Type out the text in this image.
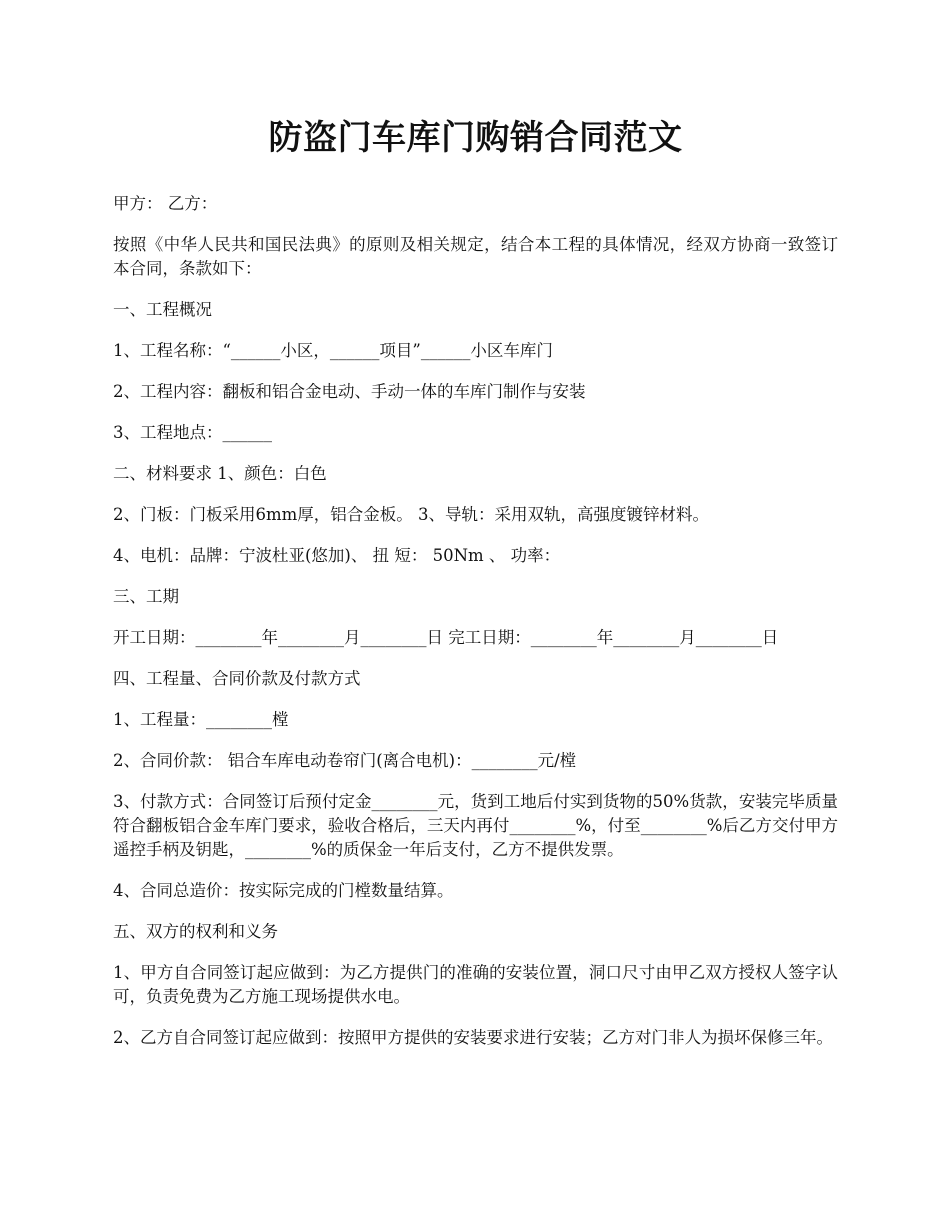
防盗门车库门购销合同范文

甲方： 乙方：

按照《中华人民共和国民法典》的原则及相关规定，结合本工程的具体情况，经双方协商一致签订本合同，条款如下：

一、工程概况

1、工程名称：“______小区，______项目”______小区车库门

2、工程内容：翻板和铝合金电动、手动一体的车库门制作与安装

3、工程地点：______

二、材料要求 1、颜色：白色

2、门板：门板采用6mm厚，铝合金板。 3、导轨：采用双轨，高强度镀锌材料。

4、电机：品牌：宁波杜亚(悠加)、 扭 短： 50Nm 、 功率：

三、工期

开工日期：________年________月________日 完工日期：________年________月________日

四、工程量、合同价款及付款方式

1、工程量：________樘

2、合同价款： 铝合车库电动卷帘门(离合电机)：________元/樘

3、付款方式：合同签订后预付定金________元，货到工地后付实到货物的50%货款，安装完毕质量符合翻板铝合金车库门要求，验收合格后，三天内再付________%，付至________%后乙方交付甲方遥控手柄及钥匙，________%的质保金一年后支付，乙方不提供发票。

4、合同总造价：按实际完成的门樘数量结算。

五、双方的权利和义务

1、甲方自合同签订起应做到：为乙方提供门的准确的安装位置，洞口尺寸由甲乙双方授权人签字认可，负责免费为乙方施工现场提供水电。

2、乙方自合同签订起应做到：按照甲方提供的安装要求进行安装；乙方对门非人为损坏保修三年。
